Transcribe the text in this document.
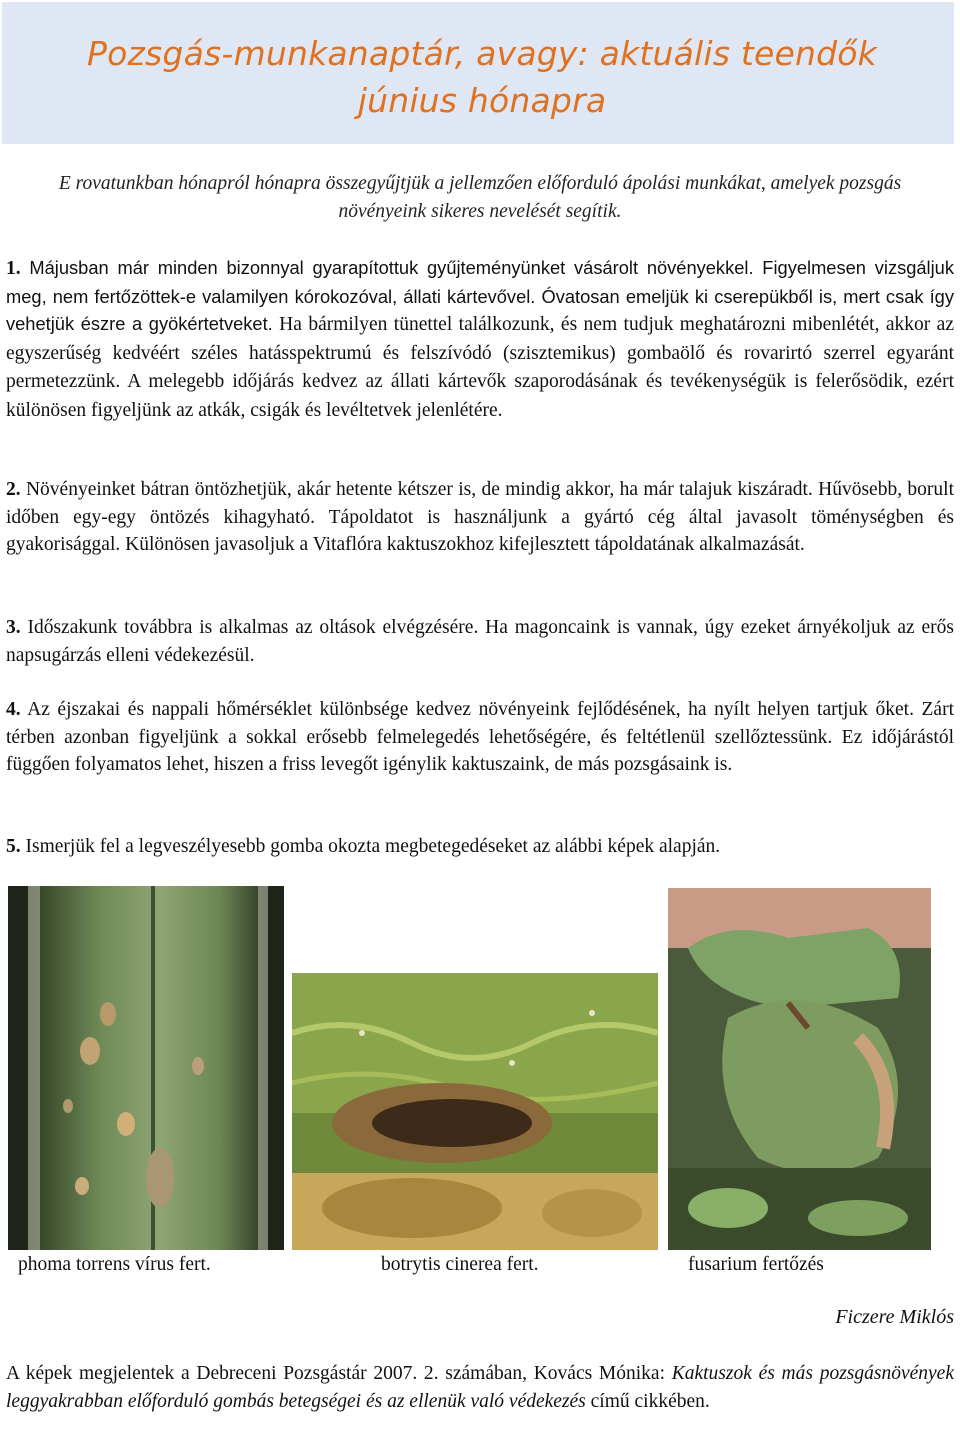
Pozsgás-munkanaptár, avagy: aktuális teendők június hónapra
E rovatunkban hónapról hónapra összegyűjtjük a jellemzően előforduló ápolási munkákat, amelyek pozsgás növényeink sikeres nevelését segítik.
1. Májusban már minden bizonnyal gyarapítottuk gyűjteményünket vásárolt növényekkel. Figyelmesen vizsgáljuk meg, nem fertőzöttek-e valamilyen kórokozóval, állati kártevővel. Óvatosan emeljük ki cserepükből is, mert csak így vehetjük észre a gyökértetveket. Ha bármilyen tünettel találkozunk, és nem tudjuk meghatározni mibenlétét, akkor az egyszerűség kedvéért széles hatásspektrumú és felszívódó (szisztemikus) gombaölő és rovarirtó szerrel egyaránt permetezzünk. A melegebb időjárás kedvez az állati kártevők szaporodásának és tevékenységük is felerősödik, ezért különösen figyeljünk az atkák, csigák és levéltetvek jelenlétére.
2. Növényeinket bátran öntözhetjük, akár hetente kétszer is, de mindig akkor, ha már talajuk kiszáradt. Hűvösebb, borult időben egy-egy öntözés kihagyható. Tápoldatot is használjunk a gyártó cég által javasolt töménységben és gyakorisággal. Különösen javasoljuk a Vitaflóra kaktuszokhoz kifejlesztett tápoldatának alkalmazását.
3. Időszakunk továbbra is alkalmas az oltások elvégzésére. Ha magoncaink is vannak, úgy ezeket árnyékoljuk az erős napsugárzás elleni védekezésül.
4. Az éjszakai és nappali hőmérséklet különbsége kedvez növényeink fejlődésének, ha nyílt helyen tartjuk őket. Zárt térben azonban figyeljünk a sokkal erősebb felmelegedés lehetőségére, és feltétlenül szellőztessünk. Ez időjárástól függően folyamatos lehet, hiszen a friss levegőt igénylik kaktuszaink, de más pozsgásaink is.
5. Ismerjük fel a legveszélyesebb gomba okozta megbetegedéseket az alábbi képek alapján.
phoma torrens vírus fert.	botrytis cinerea fert.	fusarium fertőzés
Ficzere Miklós
A képek megjelentek a Debreceni Pozsgástár 2007. 2. számában, Kovács Mónika: Kaktuszok és más pozsgásnövények leggyakrabban előforduló gombás betegségei és az ellenük való védekezés című cikkében.
